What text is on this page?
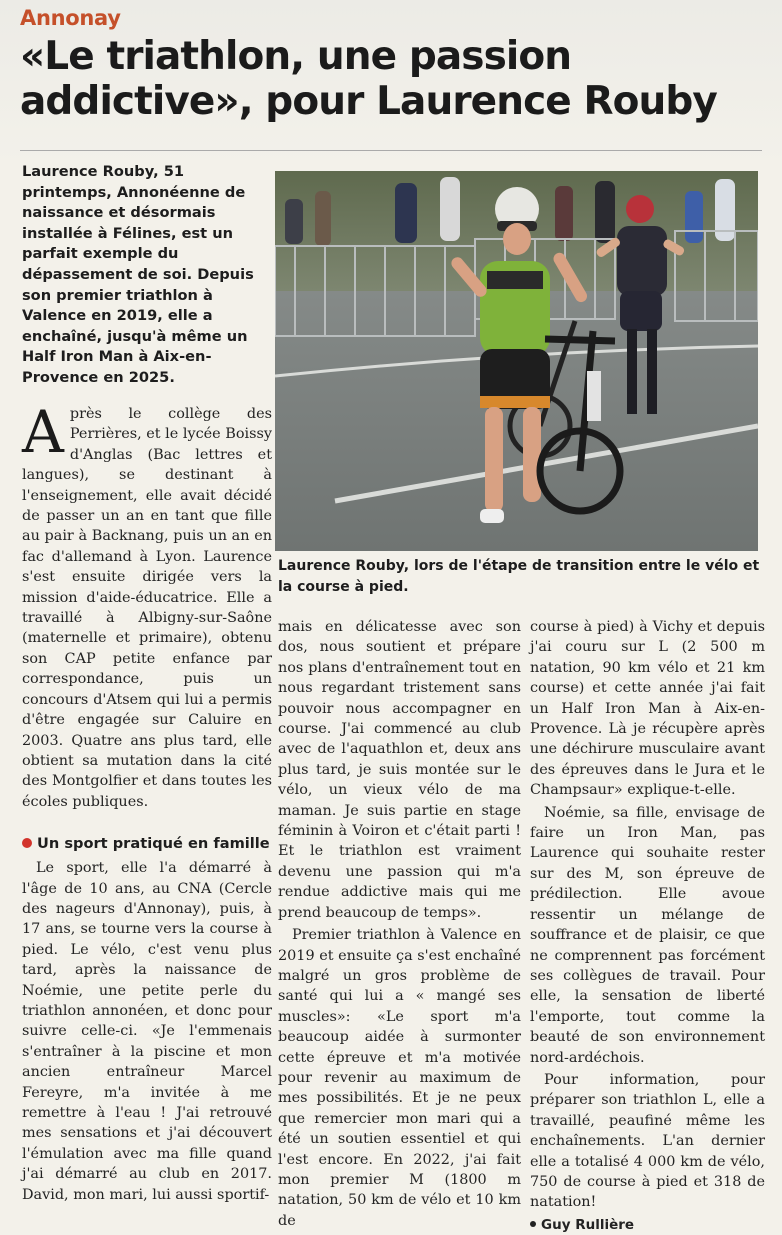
Annonay
«Le triathlon, une passion addictive», pour Laurence Rouby

Laurence Rouby, 51 printemps, Annonéenne de naissance et désormais installée à Félines, est un parfait exemple du dépassement de soi. Depuis son premier triathlon à Valence en 2019, elle a enchaîné, jusqu'à même un Half Iron Man à Aix-en-Provence en 2025.

Laurence Rouby, lors de l'étape de transition entre le vélo et la course à pied.

Après le collège des Perrières, et le lycée Boissy d'Anglas (Bac lettres et langues), se destinant à l'enseignement, elle avait décidé de passer un an en tant que fille au pair à Backnang, puis un an en fac d'allemand à Lyon. Laurence s'est ensuite dirigée vers la mission d'aide-éducatrice. Elle a travaillé à Albigny-sur-Saône (maternelle et primaire), obtenu son CAP petite enfance par correspondance, puis un concours d'Atsem qui lui a permis d'être engagée sur Caluire en 2003. Quatre ans plus tard, elle obtient sa mutation dans la cité des Montgolfier et dans toutes les écoles publiques.

Un sport pratiqué en famille

Le sport, elle l'a démarré à l'âge de 10 ans, au CNA (Cercle des nageurs d'Annonay), puis, à 17 ans, se tourne vers la course à pied. Le vélo, c'est venu plus tard, après la naissance de Noémie, une petite perle du triathlon annonéen, et donc pour suivre celle-ci. «Je l'emmenais s'entraîner à la piscine et mon ancien entraîneur Marcel Fereyre, m'a invitée à me remettre à l'eau ! J'ai retrouvé mes sensations et j'ai découvert l'émulation avec ma fille quand j'ai démarré au club en 2017. David, mon mari, lui aussi sportif-

mais en délicatesse avec son dos, nous soutient et prépare nos plans d'entraînement tout en nous regardant tristement sans pouvoir nous accompagner en course. J'ai commencé au club avec de l'aquathlon et, deux ans plus tard, je suis montée sur le vélo, un vieux vélo de ma maman. Je suis partie en stage féminin à Voiron et c'était parti ! Et le triathlon est vraiment devenu une passion qui m'a rendue addictive mais qui me prend beaucoup de temps».

Premier triathlon à Valence en 2019 et ensuite ça s'est enchaîné malgré un gros problème de santé qui lui a « mangé ses muscles»: «Le sport m'a beaucoup aidée à surmonter cette épreuve et m'a motivée pour revenir au maximum de mes possibilités. Et je ne peux que remercier mon mari qui a été un soutien essentiel et qui l'est encore. En 2022, j'ai fait mon premier M (1800 m natation, 50 km de vélo et 10 km de

course à pied) à Vichy et depuis j'ai couru sur L (2 500 m natation, 90 km vélo et 21 km course) et cette année j'ai fait un Half Iron Man à Aix-en-Provence. Là je récupère après une déchirure musculaire avant des épreuves dans le Jura et le Champsaur» explique-t-elle.

Noémie, sa fille, envisage de faire un Iron Man, pas Laurence qui souhaite rester sur des M, son épreuve de prédilection. Elle avoue ressentir un mélange de souffrance et de plaisir, ce que ne comprennent pas forcément ses collègues de travail. Pour elle, la sensation de liberté l'emporte, tout comme la beauté de son environnement nord-ardéchois.

Pour information, pour préparer son triathlon L, elle a travaillé, peaufiné même les enchaînements. L'an dernier elle a totalisé 4 000 km de vélo, 750 de course à pied et 318 de natation!

Guy Rullière
